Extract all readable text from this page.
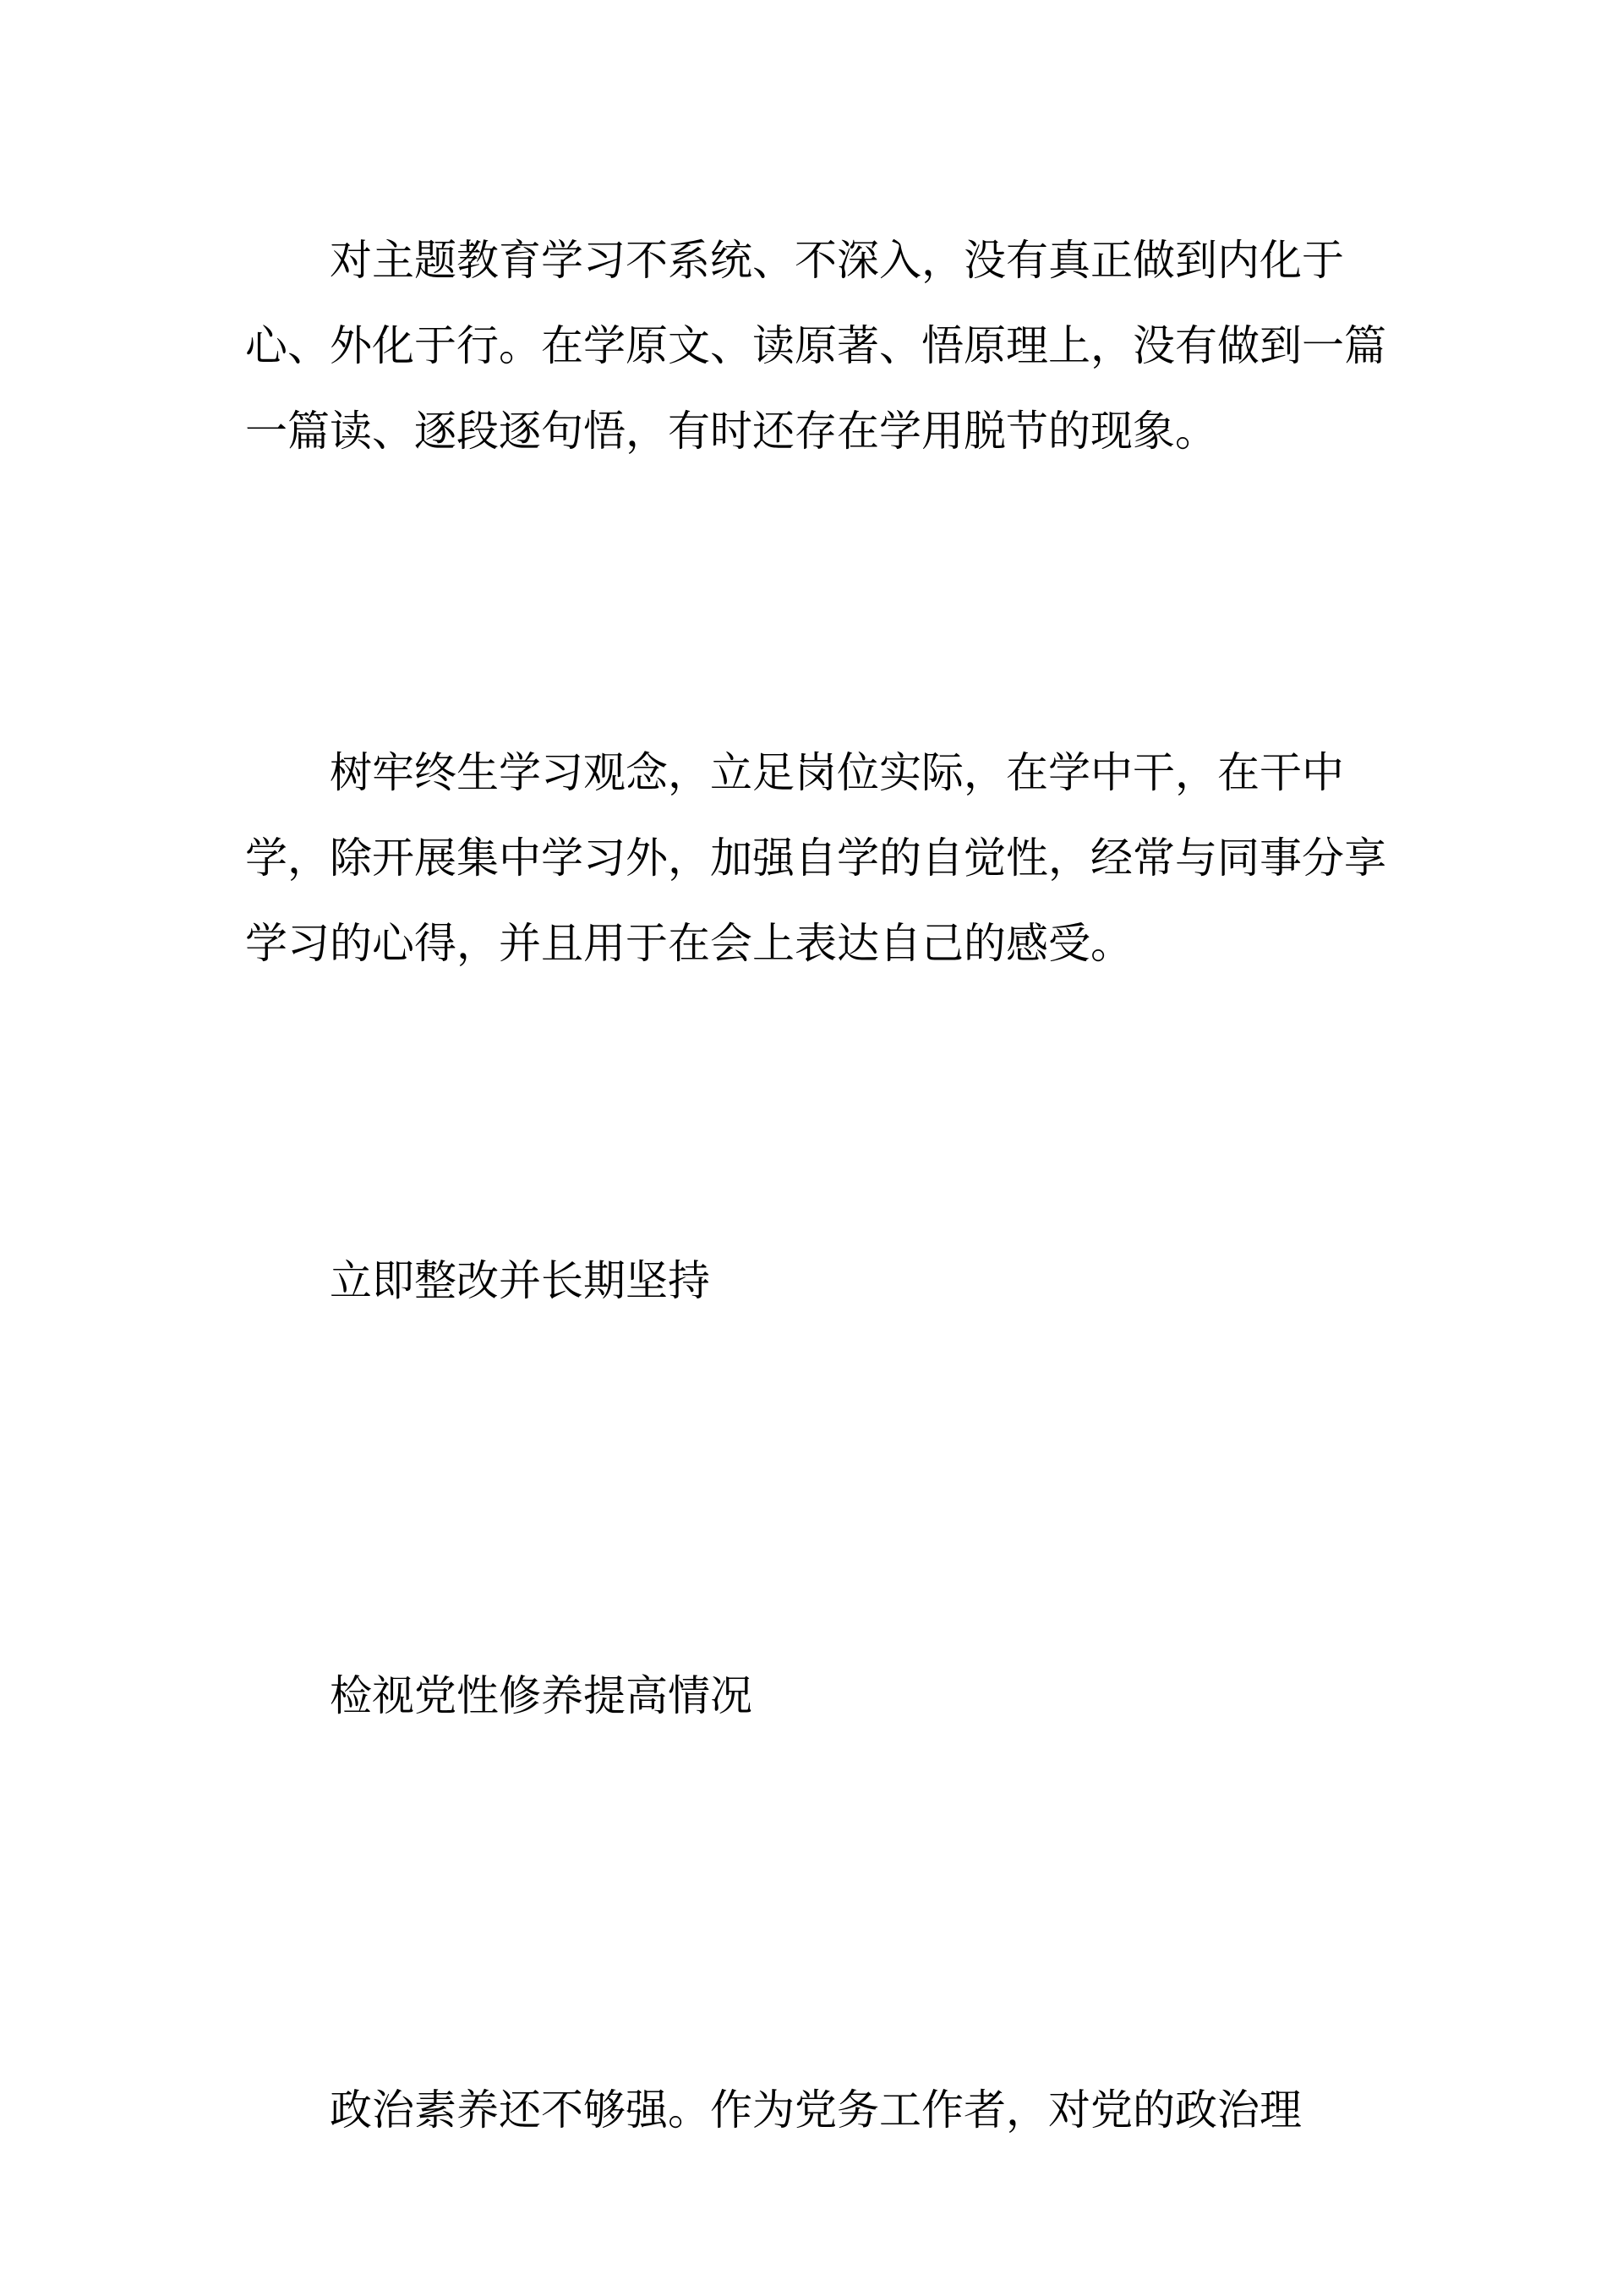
对主题教育学习不系统、不深入，没有真正做到内化于心、外化于行。在学原文、读原著、悟原理上，没有做到一篇一篇读、逐段逐句悟，有时还存在学用脱节的现象。

树牢终生学习观念，立足岗位实际，在学中干，在干中学，除开展集中学习外，加强自学的自觉性，经常与同事分享学习的心得，并且用于在会上表达自己的感受。

立即整改并长期坚持

检视党性修养提高情况

政治素养还不够强。作为党务工作者，对党的政治理
